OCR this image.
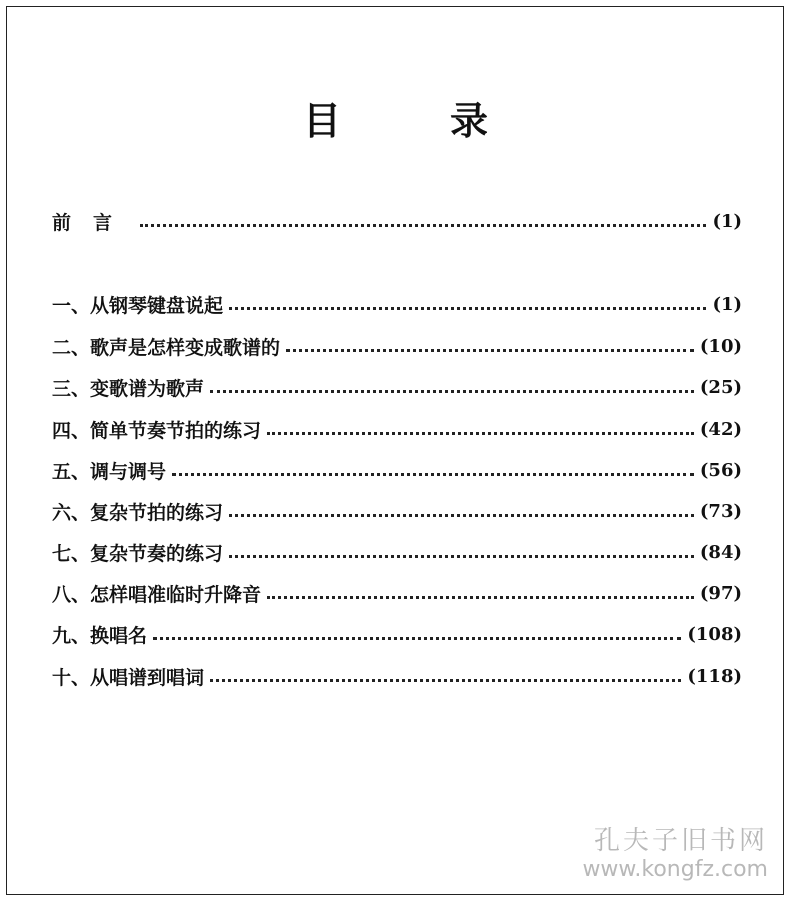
目	录
前言	(1)
一、从钢琴键盘说起	(1)
二、歌声是怎样变成歌谱的	(10)
三、变歌谱为歌声	(25)
四、简单节奏节拍的练习	(42)
五、调与调号	(56)
六、复杂节拍的练习	(73)
七、复杂节奏的练习	(84)
八、怎样唱准临时升降音	(97)
九、换唱名	(108)
十、从唱谱到唱词	(118)
孔夫子旧书网
www.kongfz.com
